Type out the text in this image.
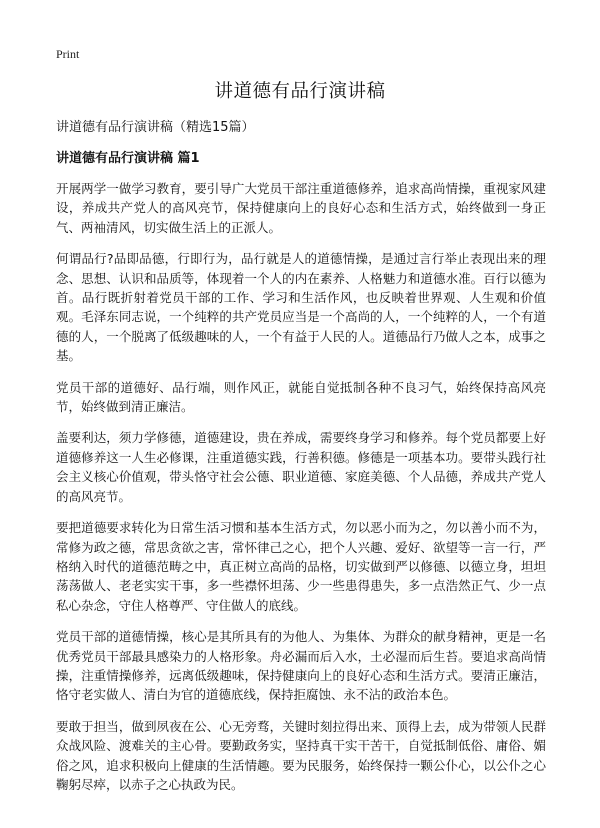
Print
讲道德有品行演讲稿
讲道德有品行演讲稿（精选15篇）
讲道德有品行演讲稿 篇1

开展两学一做学习教育，要引导广大党员干部注重道德修养，追求高尚情操，重视家风建设，养成共产党人的高风亮节，保持健康向上的良好心态和生活方式，始终做到一身正气、两袖清风，切实做生活上的正派人。

何谓品行?品即品德，行即行为，品行就是人的道德情操，是通过言行举止表现出来的理念、思想、认识和品质等，体现着一个人的内在素养、人格魅力和道德水准。百行以德为首。品行既折射着党员干部的工作、学习和生活作风，也反映着世界观、人生观和价值观。毛泽东同志说，一个纯粹的共产党员应当是一个高尚的人，一个纯粹的人，一个有道德的人，一个脱离了低级趣味的人，一个有益于人民的人。道德品行乃做人之本，成事之基。

党员干部的道德好、品行端，则作风正，就能自觉抵制各种不良习气，始终保持高风亮节，始终做到清正廉洁。

盖要利达，须力学修德，道德建设，贵在养成，需要终身学习和修养。每个党员都要上好道德修养这一人生必修课，注重道德实践，行善积德。修德是一项基本功。要带头践行社会主义核心价值观，带头恪守社会公德、职业道德、家庭美德、个人品德，养成共产党人的高风亮节。

要把道德要求转化为日常生活习惯和基本生活方式，勿以恶小而为之，勿以善小而不为，常修为政之德，常思贪欲之害，常怀律己之心，把个人兴趣、爱好、欲望等一言一行，严格纳入时代的道德范畴之中，真正树立高尚的品格，切实做到严以修德、以德立身，坦坦荡荡做人、老老实实干事，多一些襟怀坦荡、少一些患得患失，多一点浩然正气、少一点私心杂念，守住人格尊严、守住做人的底线。

党员干部的道德情操，核心是其所具有的为他人、为集体、为群众的献身精神，更是一名优秀党员干部最具感染力的人格形象。舟必漏而后入水，土必湿而后生苔。要追求高尚情操，注重情操修养，远离低级趣味，保持健康向上的良好心态和生活方式。要清正廉洁，恪守老实做人、清白为官的道德底线，保持拒腐蚀、永不沾的政治本色。

要敢于担当，做到夙夜在公、心无旁骛，关键时刻拉得出来、顶得上去，成为带领人民群众战风险、渡难关的主心骨。要勤政务实，坚持真干实干苦干，自觉抵制低俗、庸俗、媚俗之风，追求积极向上健康的生活情趣。要为民服务，始终保持一颗公仆心，以公仆之心鞠躬尽瘁，以赤子之心执政为民。
